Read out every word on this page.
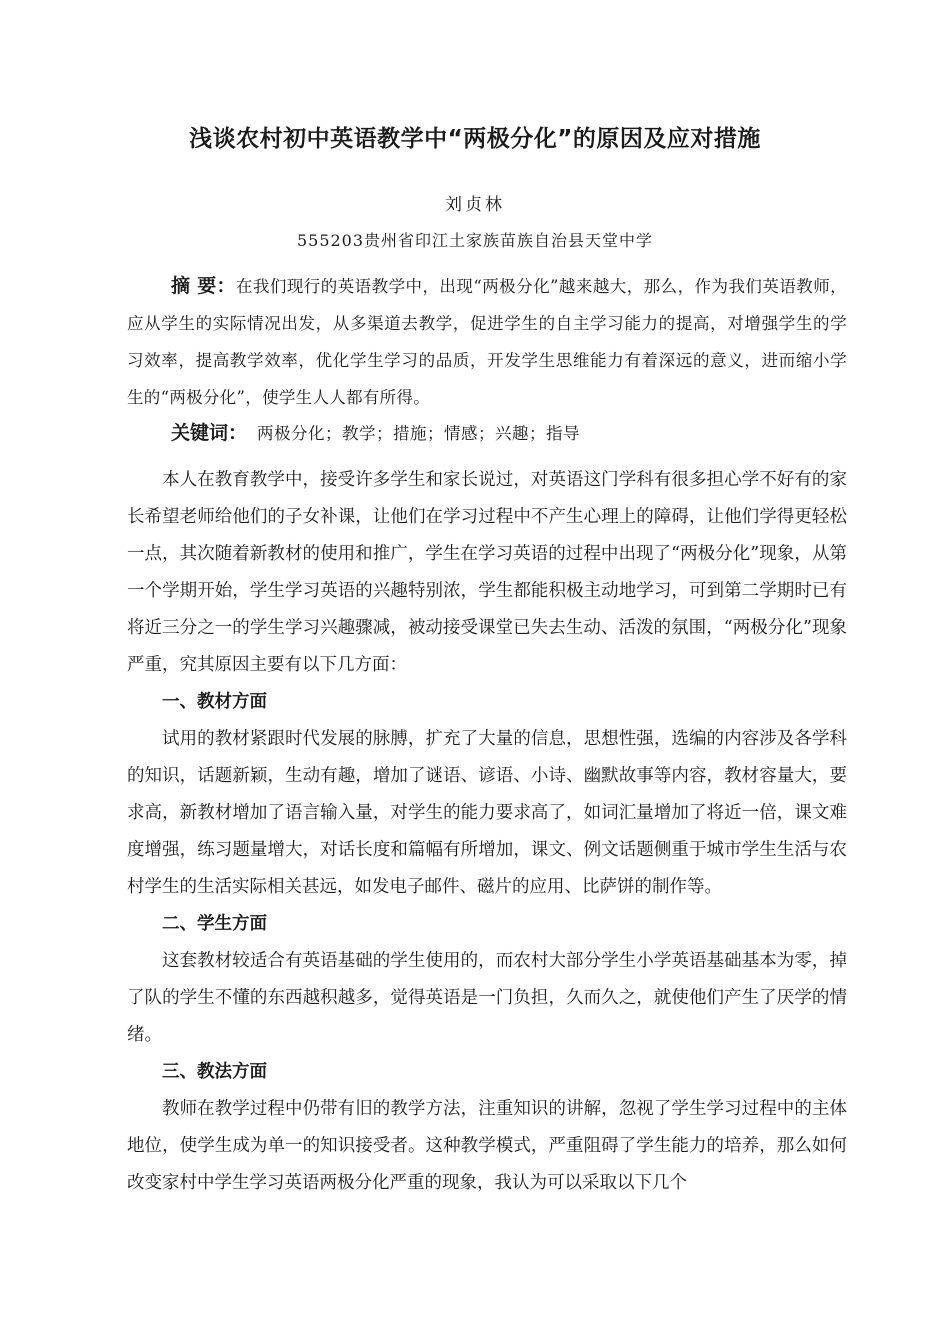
浅谈农村初中英语教学中“两极分化”的原因及应对措施
刘贞林
555203贵州省印江土家族苗族自治县天堂中学
摘 要：在我们现行的英语教学中，出现“两极分化”越来越大，那么，作为我们英语教师，应从学生的实际情况出发，从多渠道去教学，促进学生的自主学习能力的提高，对增强学生的学习效率，提高教学效率，优化学生学习的品质，开发学生思维能力有着深远的意义，进而缩小学生的“两极分化”，使学生人人都有所得。
关键词： 两极分化；教学；措施；情感；兴趣；指导

本人在教育教学中，接受许多学生和家长说过，对英语这门学科有很多担心学不好有的家长希望老师给他们的子女补课，让他们在学习过程中不产生心理上的障碍，让他们学得更轻松一点，其次随着新教材的使用和推广，学生在学习英语的过程中出现了“两极分化”现象，从第一个学期开始，学生学习英语的兴趣特别浓，学生都能积极主动地学习，可到第二学期时已有将近三分之一的学生学习兴趣骤减，被动接受课堂已失去生动、活泼的氛围，“两极分化”现象严重，究其原因主要有以下几方面：

一、教材方面

试用的教材紧跟时代发展的脉膊，扩充了大量的信息，思想性强，选编的内容涉及各学科的知识，话题新颖，生动有趣，增加了谜语、谚语、小诗、幽默故事等内容，教材容量大，要求高，新教材增加了语言输入量，对学生的能力要求高了，如词汇量增加了将近一倍，课文难度增强，练习题量增大，对话长度和篇幅有所增加，课文、例文话题侧重于城市学生生活与农村学生的生活实际相关甚远，如发电子邮件、磁片的应用、比萨饼的制作等。

二、学生方面

这套教材较适合有英语基础的学生使用的，而农村大部分学生小学英语基础基本为零，掉了队的学生不懂的东西越积越多，觉得英语是一门负担，久而久之，就使他们产生了厌学的情绪。

三、教法方面

教师在教学过程中仍带有旧的教学方法，注重知识的讲解，忽视了学生学习过程中的主体地位，使学生成为单一的知识接受者。这种教学模式，严重阻碍了学生能力的培养，那么如何改变家村中学生学习英语两极分化严重的现象，我认为可以采取以下几个
